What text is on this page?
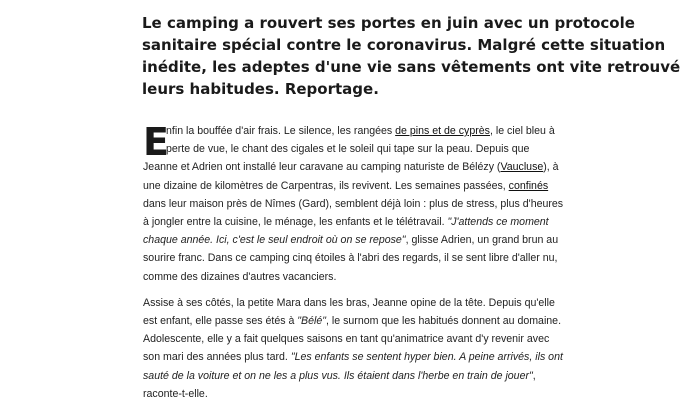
Le camping a rouvert ses portes en juin avec un protocole
sanitaire spécial contre le coronavirus. Malgré cette situation
inédite, les adeptes d'une vie sans vêtements ont vite retrouvé
leurs habitudes. Reportage.
E

nfin la bouffée d'air frais. Le silence, les rangées de pins et de cyprès, le ciel bleu à
perte de vue, le chant des cigales et le soleil qui tape sur la peau. Depuis que
Jeanne et Adrien ont installé leur caravane au camping naturiste de Bélézy (Vaucluse), à
une dizaine de kilomètres de Carpentras, ils revivent. Les semaines passées, confinés
dans leur maison près de Nîmes (Gard), semblent déjà loin : plus de stress, plus d'heures
à jongler entre la cuisine, le ménage, les enfants et le télétravail. "J'attends ce moment
chaque année. Ici, c'est le seul endroit où on se repose", glisse Adrien, un grand brun au
sourire franc. Dans ce camping cinq étoiles à l'abri des regards, il se sent libre d'aller nu,
comme des dizaines d'autres vacanciers.

Assise à ses côtés, la petite Mara dans les bras, Jeanne opine de la tête. Depuis qu'elle
est enfant, elle passe ses étés à "Bélé", le surnom que les habitués donnent au domaine.
Adolescente, elle y a fait quelques saisons en tant qu'animatrice avant d'y revenir avec
son mari des années plus tard. "Les enfants se sentent hyper bien. A peine arrivés, ils ont
sauté de la voiture et on ne les a plus vus. Ils étaient dans l'herbe en train de jouer",
raconte-t-elle.
